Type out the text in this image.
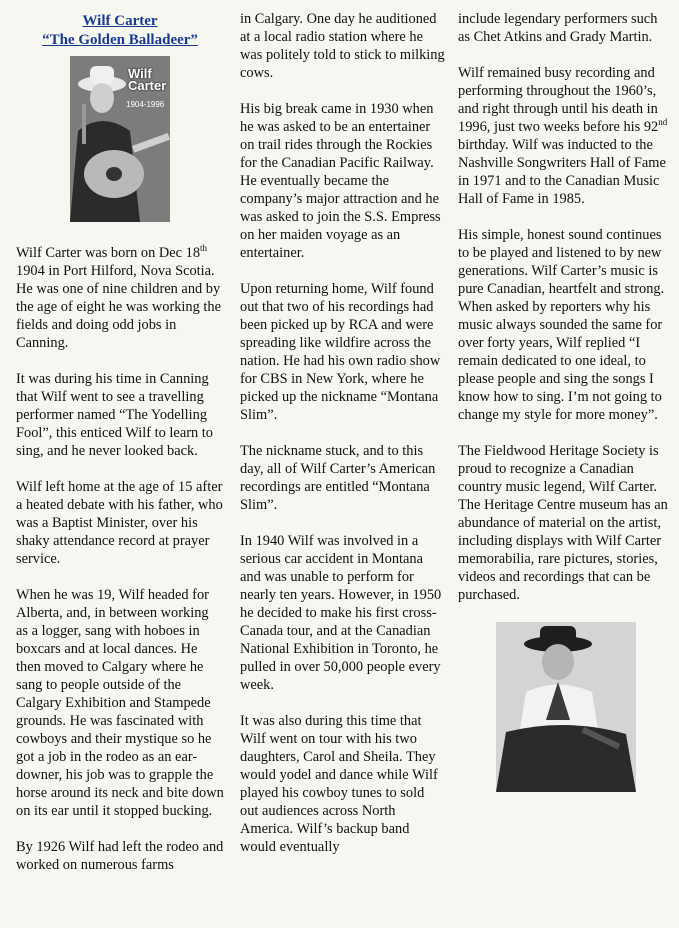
Wilf Carter
“The Golden Balladeer”
Wilf Carter
1904-1996

Wilf Carter was born on Dec 18th 1904 in Port Hilford, Nova Scotia. He was one of nine children and by the age of eight he was working the fields and doing odd jobs in Canning.

It was during his time in Canning that Wilf went to see a travelling performer named “The Yodelling Fool”, this enticed Wilf to learn to sing, and he never looked back.

Wilf left home at the age of 15 after a heated debate with his father, who was a Baptist Minister, over his shaky attendance record at prayer service.

When he was 19, Wilf headed for Alberta, and, in between working as a logger, sang with hoboes in boxcars and at local dances. He then moved to Calgary where he sang to people outside of the Calgary Exhibition and Stampede grounds. He was fascinated with cowboys and their mystique so he got a job in the rodeo as an ear-downer, his job was to grapple the horse around its neck and bite down on its ear until it stopped bucking.

By 1926 Wilf had left the rodeo and worked on numerous farms

in Calgary. One day he auditioned at a local radio station where he was politely told to stick to milking cows.

His big break came in 1930 when he was asked to be an entertainer on trail rides through the Rockies for the Canadian Pacific Railway. He eventually became the company’s major attraction and he was asked to join the S.S. Empress on her maiden voyage as an entertainer.

Upon returning home, Wilf found out that two of his recordings had been picked up by RCA and were spreading like wildfire across the nation. He had his own radio show for CBS in New York, where he picked up the nickname “Montana Slim”.

The nickname stuck, and to this day, all of Wilf Carter’s American recordings are entitled “Montana Slim”.

In 1940 Wilf was involved in a serious car accident in Montana and was unable to perform for nearly ten years. However, in 1950 he decided to make his first cross-Canada tour, and at the Canadian National Exhibition in Toronto, he pulled in over 50,000 people every week.

It was also during this time that Wilf went on tour with his two daughters, Carol and Sheila. They would yodel and dance while Wilf played his cowboy tunes to sold out audiences across North America. Wilf’s backup band would eventually

include legendary performers such as Chet Atkins and Grady Martin.

Wilf remained busy recording and performing throughout the 1960’s, and right through until his death in 1996, just two weeks before his 92nd birthday. Wilf was inducted to the Nashville Songwriters Hall of Fame in 1971 and to the Canadian Music Hall of Fame in 1985.

His simple, honest sound continues to be played and listened to by new generations. Wilf Carter’s music is pure Canadian, heartfelt and strong. When asked by reporters why his music always sounded the same for over forty years, Wilf replied “I remain dedicated to one ideal, to please people and sing the songs I know how to sing. I’m not going to change my style for more money”.

The Fieldwood Heritage Society is proud to recognize a Canadian country music legend, Wilf Carter. The Heritage Centre museum has an abundance of material on the artist, including displays with Wilf Carter memorabilia, rare pictures, stories, videos and recordings that can be purchased.
